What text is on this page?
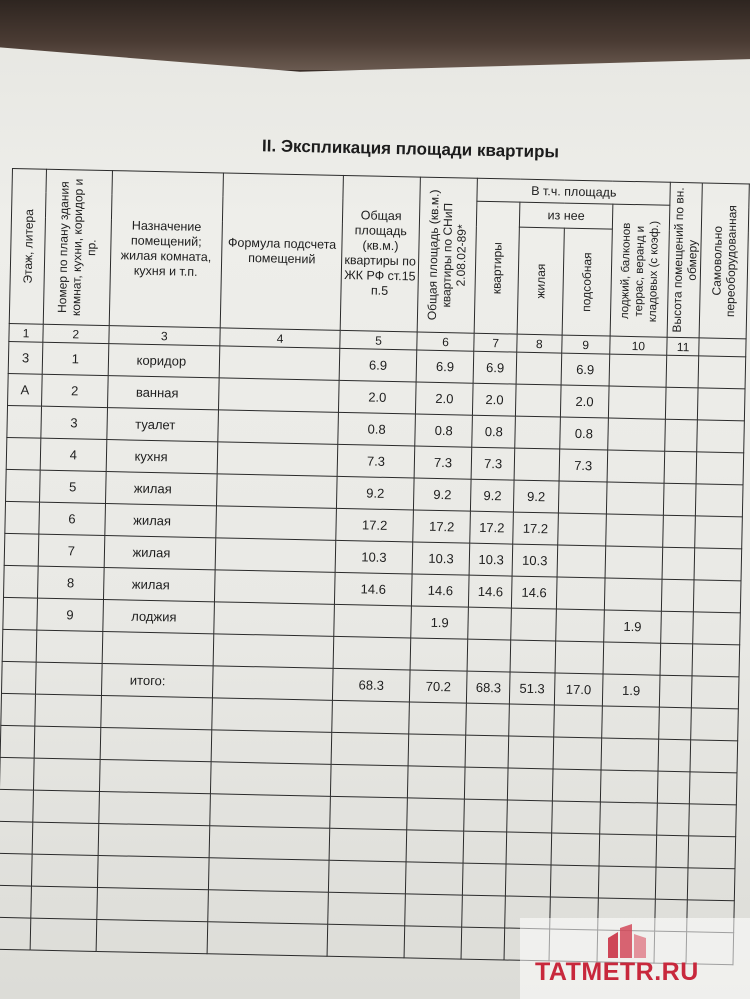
II. Экспликация площади квартиры
Этаж, литера	Номер по плану здания комнат, кухни, коридор и пр.	Назначение помещений; жилая комната, кухня и т.п.	Формула подсчета помещений	Общая площадь (кв.м.) квартиры по ЖК РФ ст.15 п.5	Общая площадь (кв.м.) квартиры по СНиП 2.08.02-89*	В т.ч. площадь				Высота помещений по вн. обмеру	Самовольно переоборудованная

						квартиры	из нее		лоджий, балконов террас, веранд и кладовых (с коэф.)		

							жилая	подсобная			

1	2	3	4	5	6	7	8	9	10	11	
3	1	коридор		6.9	6.9	6.9		6.9			
А	2	ванная		2.0	2.0	2.0		2.0			
	3	туалет		0.8	0.8	0.8		0.8			
	4	кухня		7.3	7.3	7.3		7.3			
	5	жилая		9.2	9.2	9.2	9.2				
	6	жилая		17.2	17.2	17.2	17.2				
	7	жилая		10.3	10.3	10.3	10.3				
	8	жилая		14.6	14.6	14.6	14.6				
	9	лоджия			1.9				1.9		

		итого:		68.3	70.2	68.3	51.3	17.0	1.9		

TATMETR.RU
